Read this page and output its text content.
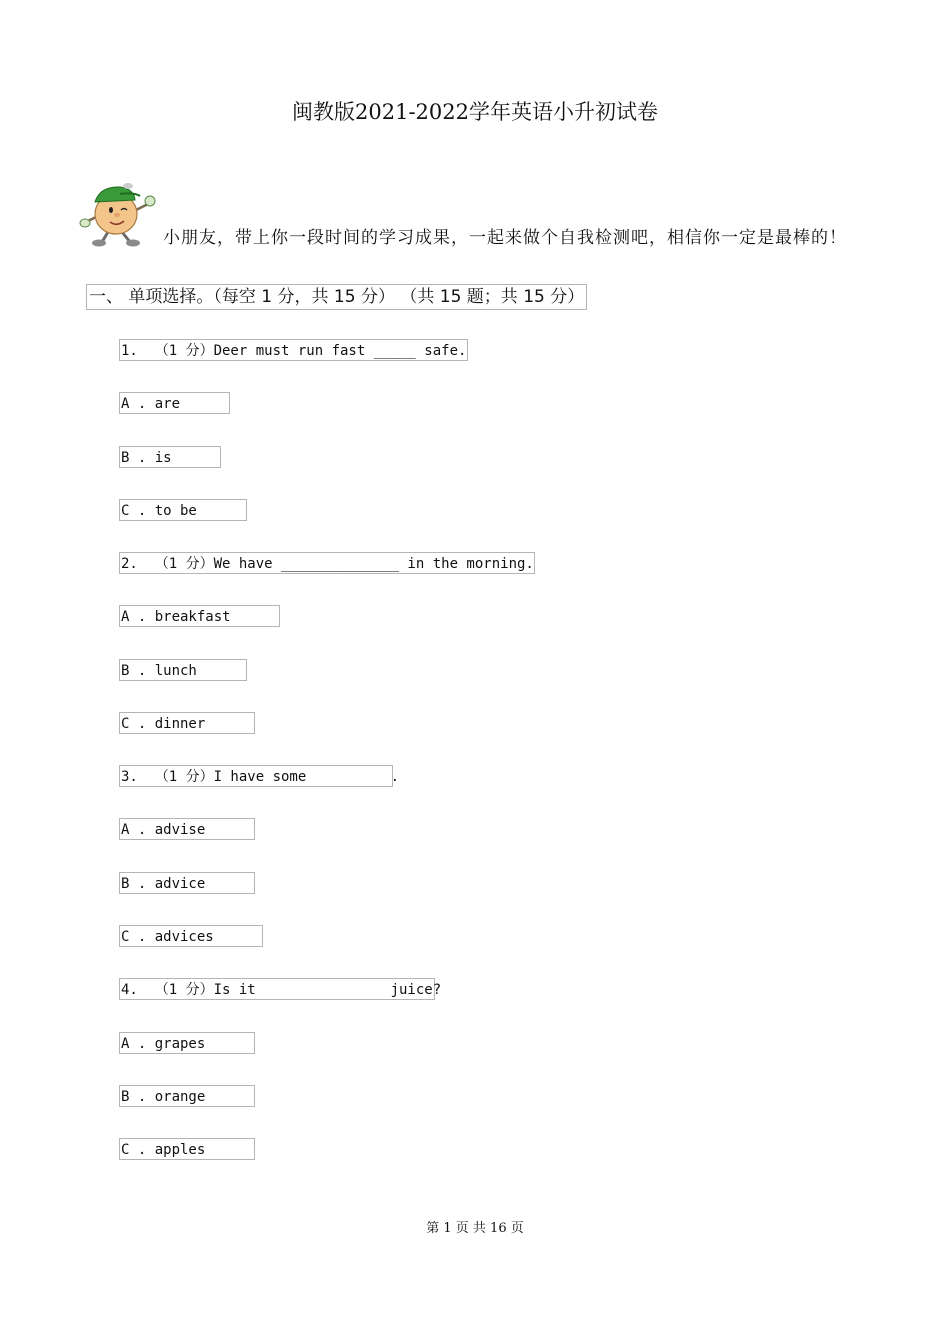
闽教版2021-2022学年英语小升初试卷
小朋友，带上你一段时间的学习成果，一起来做个自我检测吧，相信你一定是最棒的！
一、 单项选择。（每空 1 分，共 15 分） （共 15 题；共 15 分）
1.  （1 分）Deer must run fast _____ safe.
A . are
B . is
C . to be
2.  （1 分）We have ______________ in the morning.
A . breakfast
B . lunch
C . dinner
3.  （1 分）I have some          .
A . advise
B . advice
C . advices
4.  （1 分）Is it                juice?
A . grapes
B . orange
C . apples
第 1 页 共 16 页
